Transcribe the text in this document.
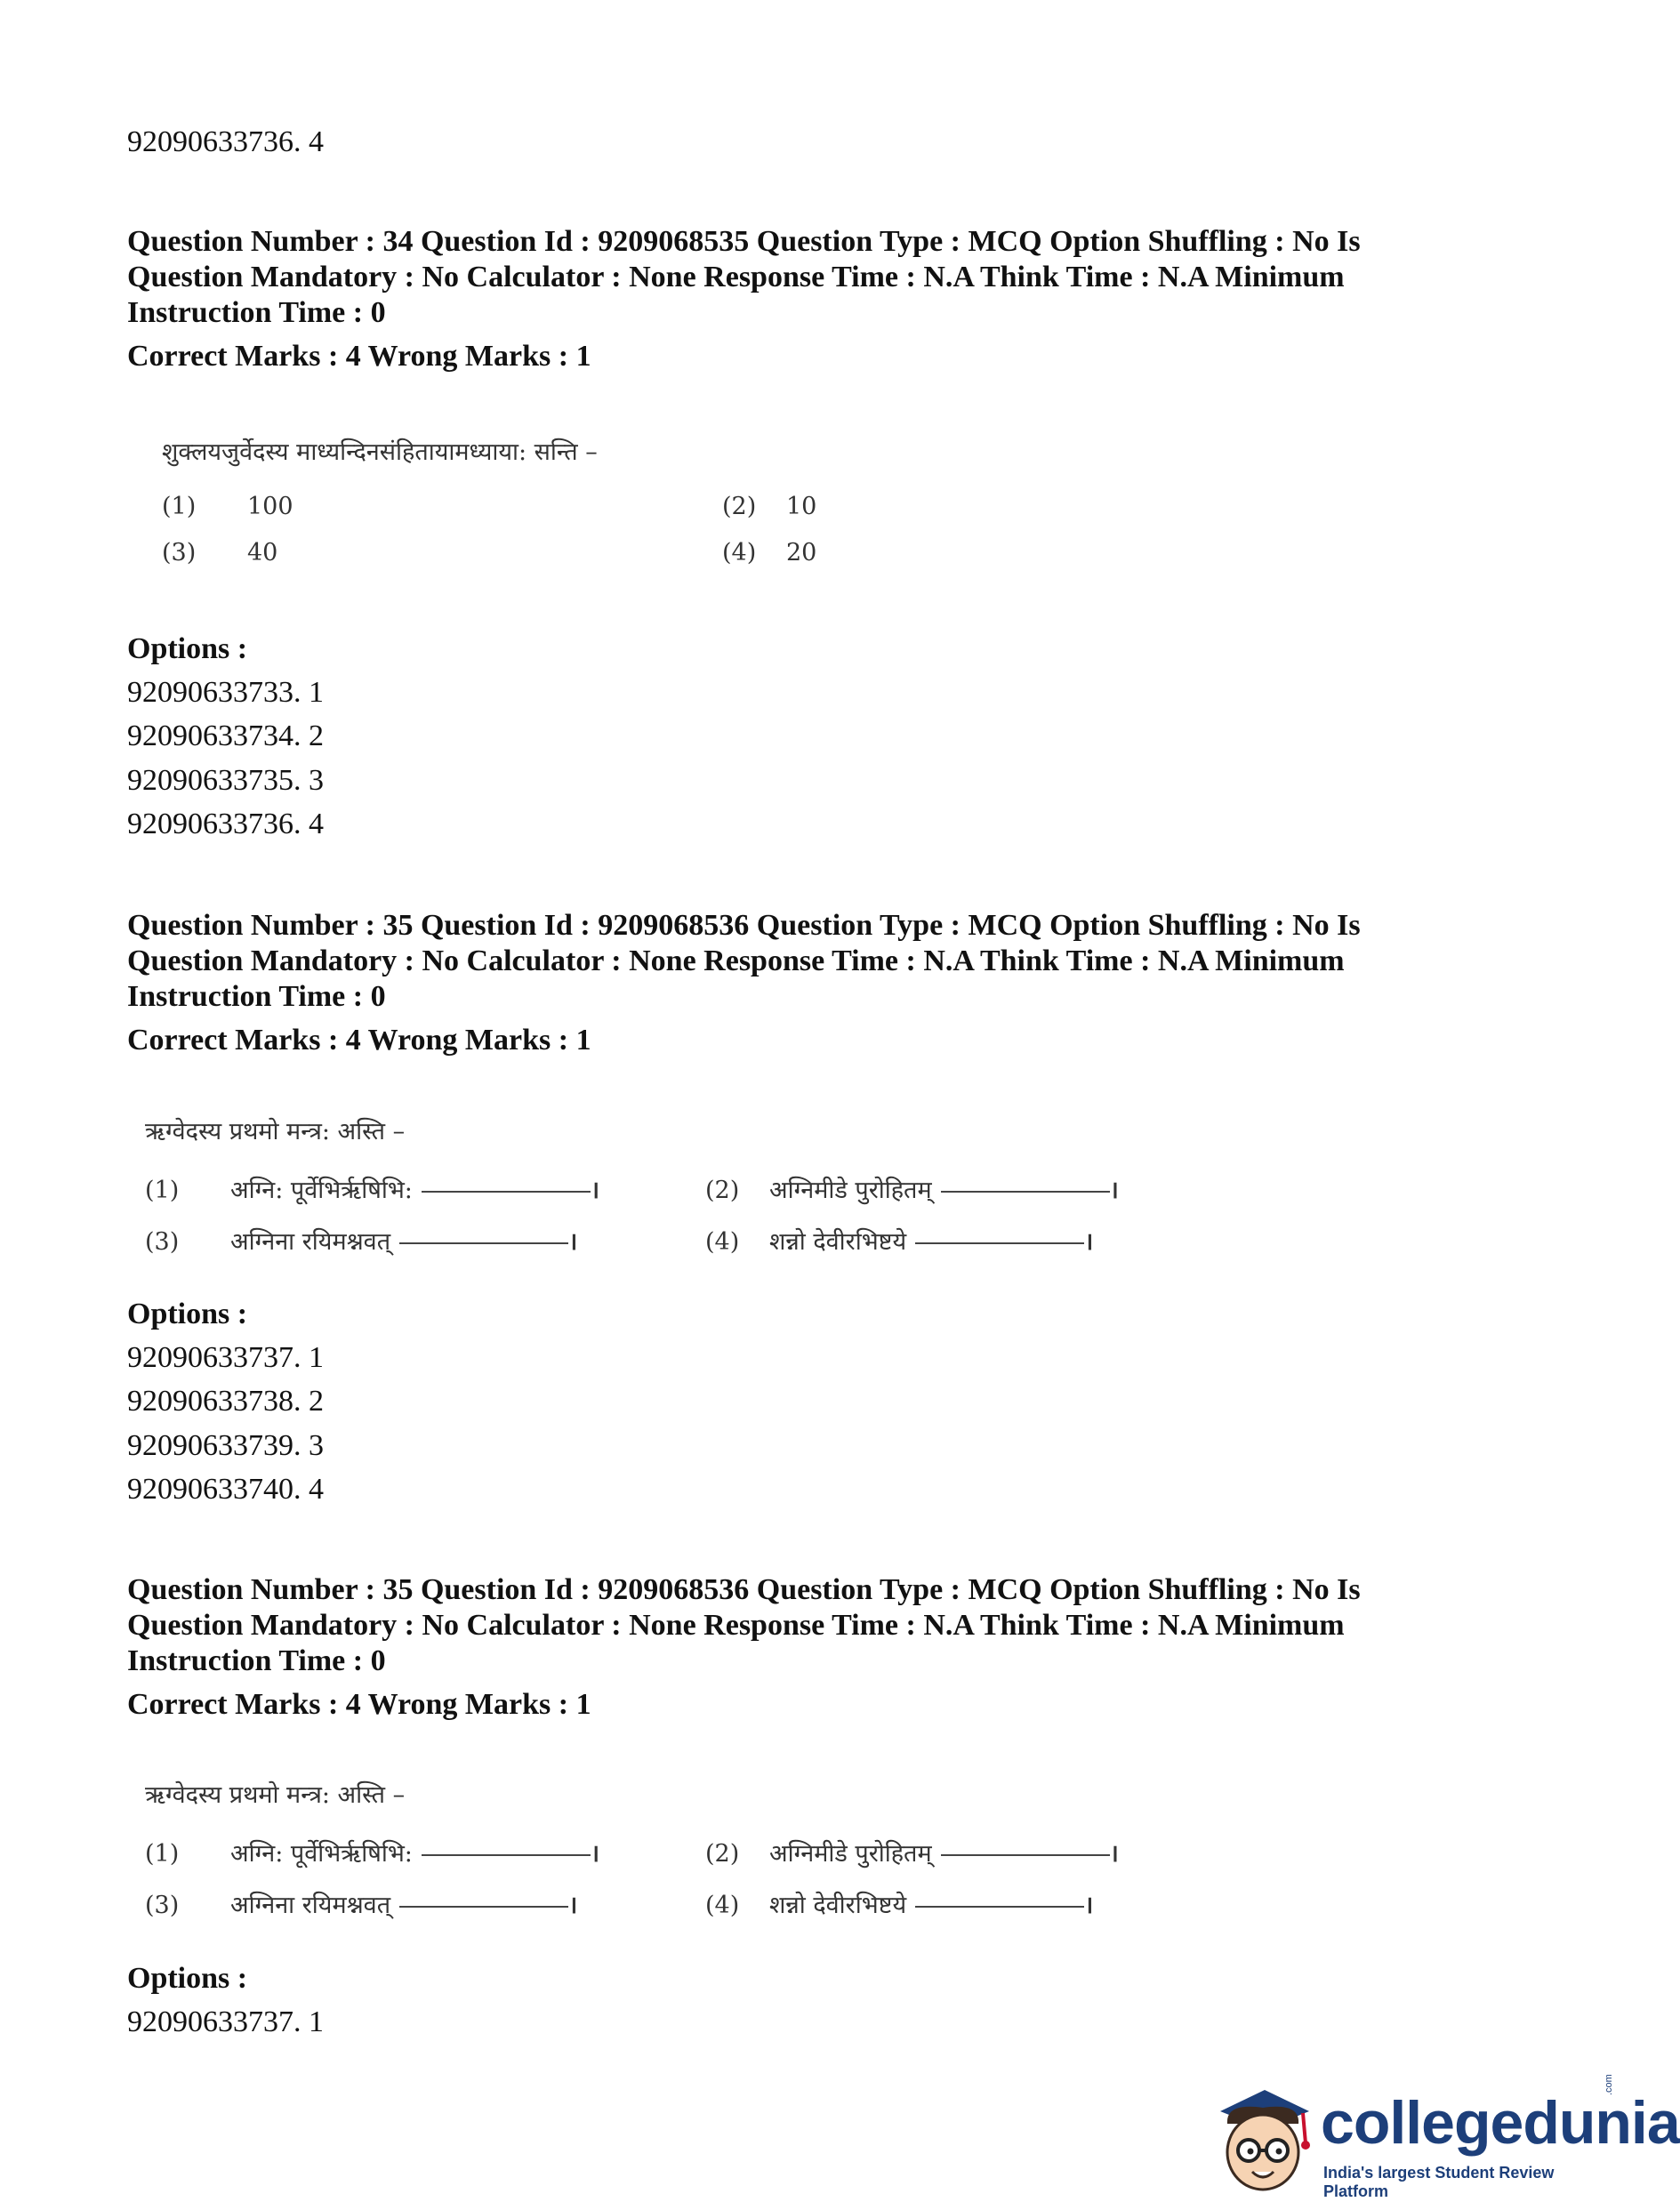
92090633736. 4
Question Number : 34 Question Id : 9209068535 Question Type : MCQ Option Shuffling : No Is
Question Mandatory : No Calculator : None Response Time : N.A Think Time : N.A Minimum
Instruction Time : 0
Correct Marks : 4 Wrong Marks : 1
शुक्लयजुर्वेदस्य माध्यन्दिनसंहितायामध्याया: सन्ति –
(1) 100	(2) 10
(3) 40	(4) 20
Options :
92090633733. 1
92090633734. 2
92090633735. 3
92090633736. 4
Question Number : 35 Question Id : 9209068536 Question Type : MCQ Option Shuffling : No Is
Question Mandatory : No Calculator : None Response Time : N.A Think Time : N.A Minimum
Instruction Time : 0
Correct Marks : 4 Wrong Marks : 1
ऋग्वेदस्य प्रथमो मन्त्र: अस्ति –
(1) अग्नि: पूर्वेभिर्ऋषिभि:	।	(2) अग्निमीडे पुरोहितम्	।
(3) अग्निना रयिमश्नवत्	।	(4) शन्नो देवीरभिष्टये	।
Options :
92090633737. 1
92090633738. 2
92090633739. 3
92090633740. 4
Question Number : 35 Question Id : 9209068536 Question Type : MCQ Option Shuffling : No Is
Question Mandatory : No Calculator : None Response Time : N.A Think Time : N.A Minimum
Instruction Time : 0
Correct Marks : 4 Wrong Marks : 1
ऋग्वेदस्य प्रथमो मन्त्र: अस्ति –
(1) अग्नि: पूर्वेभिर्ऋषिभि:	।	(2) अग्निमीडे पुरोहितम्	।
(3) अग्निना रयिमश्नवत्	।	(4) शन्नो देवीरभिष्टये	।
Options :
92090633737. 1
collegedunia
.com
India's largest Student Review Platform
